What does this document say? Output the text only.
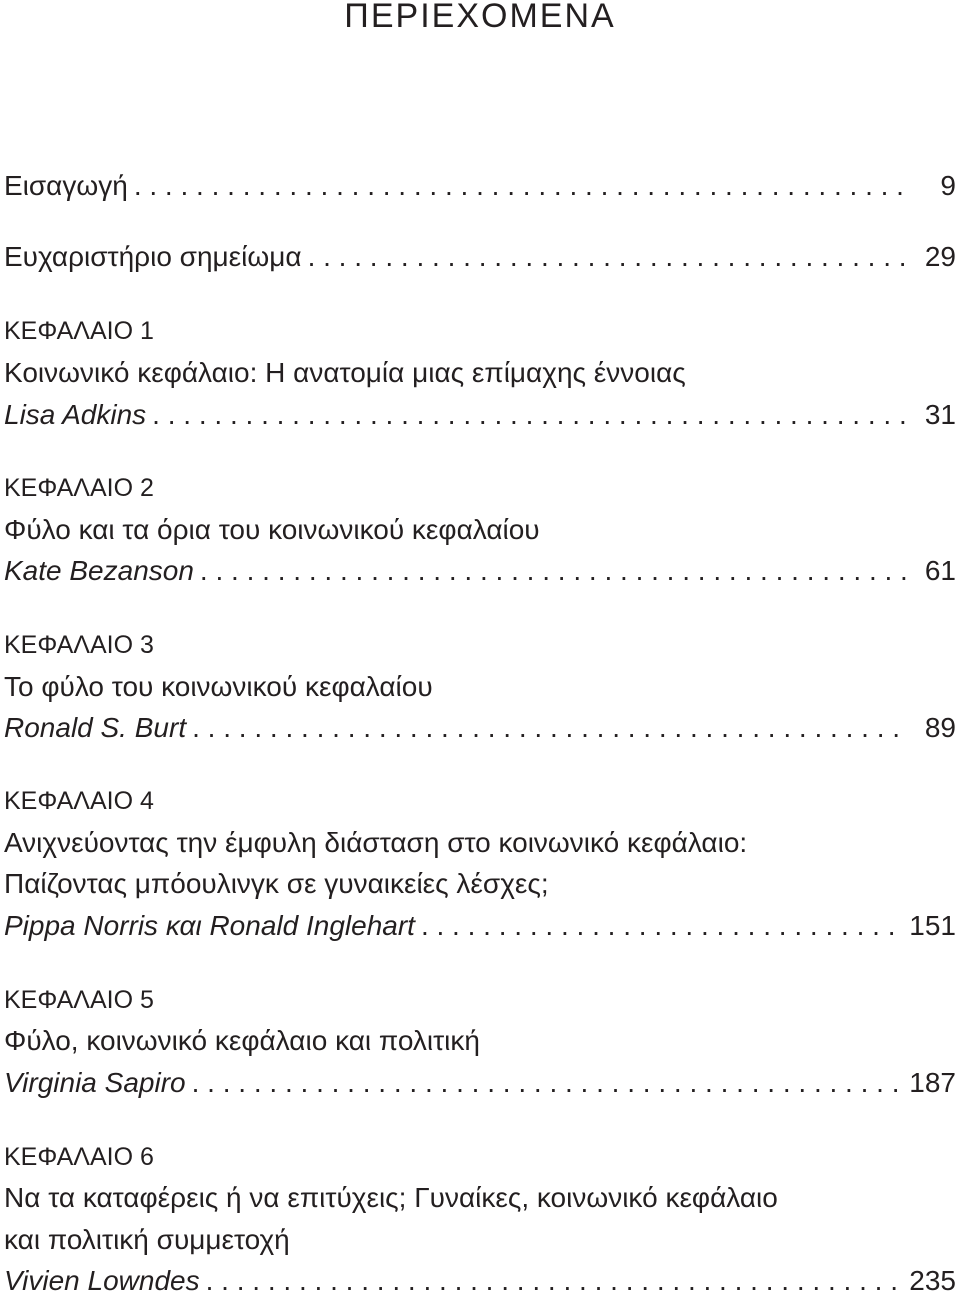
ΠΕΡΙΕΧΟΜΕΝΑ
Εισαγωγή . . .	9
Ευχαριστήριο σημείωμα . . .	29
ΚΕΦΑΛΑΙΟ 1
Κοινωνικό κεφάλαιο: Η ανατομία μιας επίμαχης έννοιας
Lisa Adkins . . .	31
ΚΕΦΑΛΑΙΟ 2
Φύλο και τα όρια του κοινωνικού κεφαλαίου
Kate Bezanson . . .	61
ΚΕΦΑΛΑΙΟ 3
Το φύλο του κοινωνικού κεφαλαίου
Ronald S. Burt . . .	89
ΚΕΦΑΛΑΙΟ 4
Ανιχνεύοντας την έμφυλη διάσταση στο κοινωνικό κεφάλαιο:
Παίζοντας μπόουλινγκ σε γυναικείες λέσχες;
Pippa Norris και Ronald Inglehart . . .	151
ΚΕΦΑΛΑΙΟ 5
Φύλο, κοινωνικό κεφάλαιο και πολιτική
Virginia Sapiro . . .	187
ΚΕΦΑΛΑΙΟ 6
Να τα καταφέρεις ή να επιτύχεις; Γυναίκες, κοινωνικό κεφάλαιο
και πολιτική συμμετοχή
Vivien Lowndes . . .	235
